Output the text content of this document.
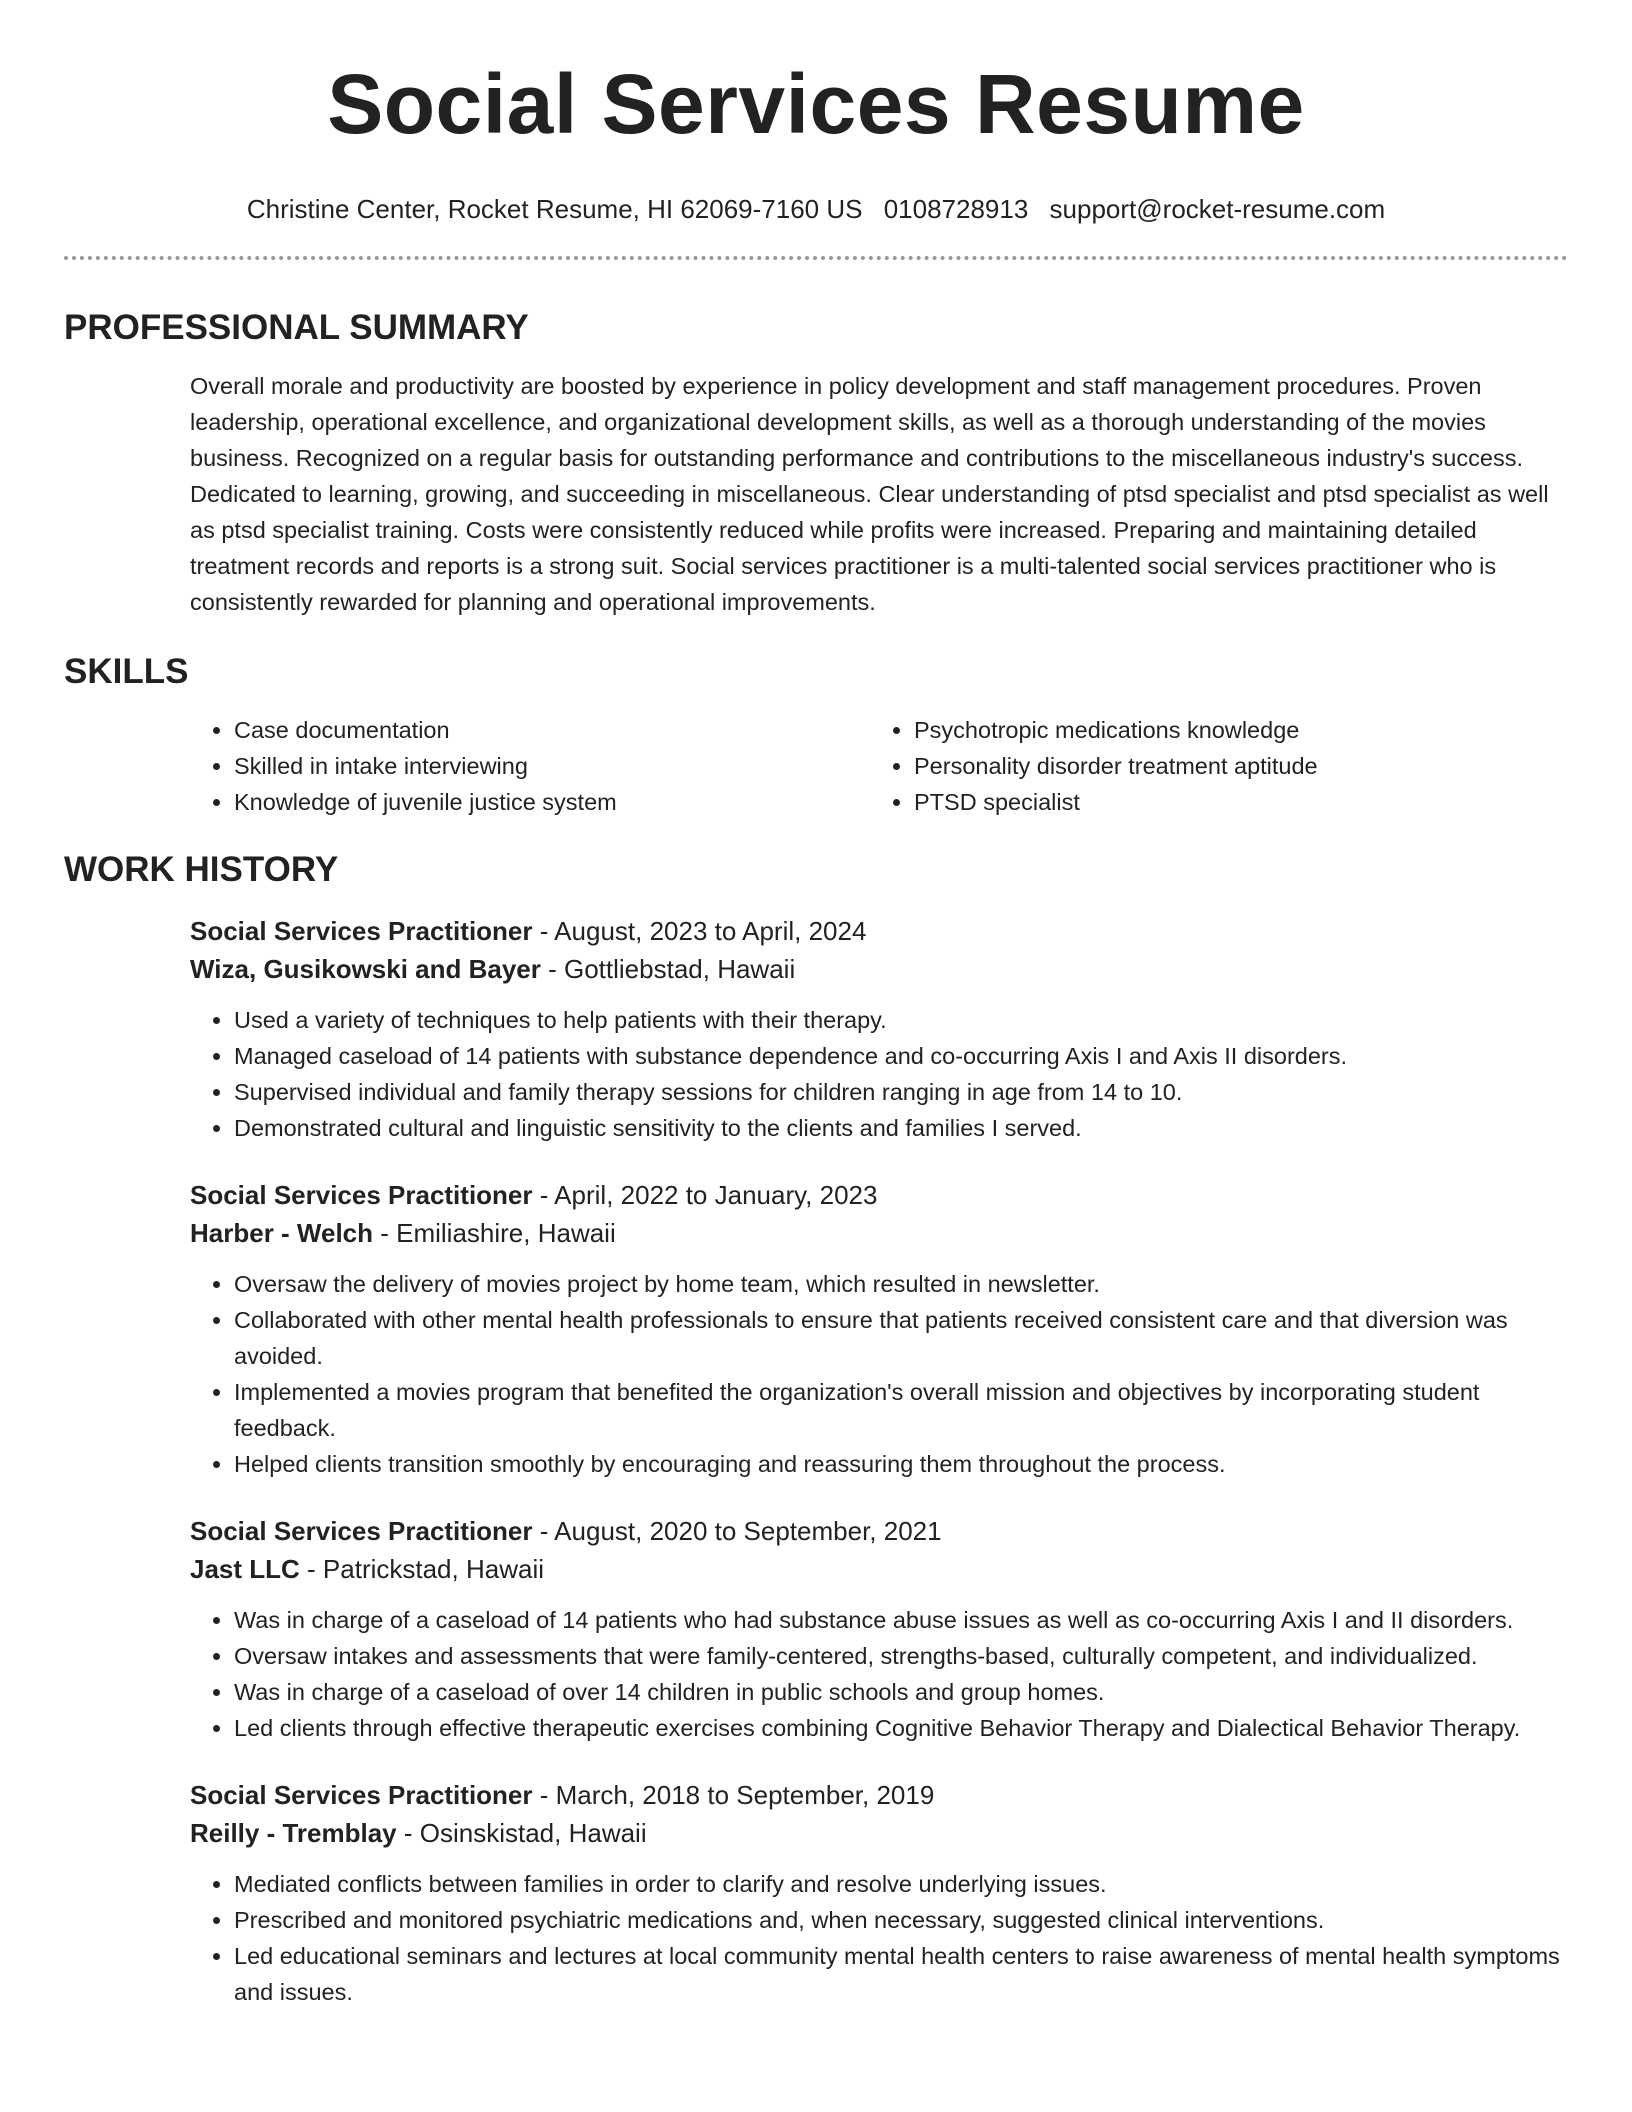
Social Services Resume
Christine Center, Rocket Resume, HI 62069-7160 US 0108728913 support@rocket-resume.com
PROFESSIONAL SUMMARY

Overall morale and productivity are boosted by experience in policy development and staff management procedures. Proven leadership, operational excellence, and organizational development skills, as well as a thorough understanding of the movies business. Recognized on a regular basis for outstanding performance and contributions to the miscellaneous industry's success. Dedicated to learning, growing, and succeeding in miscellaneous. Clear understanding of ptsd specialist and ptsd specialist as well as ptsd specialist training. Costs were consistently reduced while profits were increased. Preparing and maintaining detailed treatment records and reports is a strong suit. Social services practitioner is a multi-talented social services practitioner who is consistently rewarded for planning and operational improvements.

SKILLS
• Case documentation
• Skilled in intake interviewing
• Knowledge of juvenile justice system
• Psychotropic medications knowledge
• Personality disorder treatment aptitude
• PTSD specialist
WORK HISTORY
Social Services Practitioner - August, 2023 to April, 2024
Wiza, Gusikowski and Bayer - Gottliebstad, Hawaii
• Used a variety of techniques to help patients with their therapy.
• Managed caseload of 14 patients with substance dependence and co-occurring Axis I and Axis II disorders.
• Supervised individual and family therapy sessions for children ranging in age from 14 to 10.
• Demonstrated cultural and linguistic sensitivity to the clients and families I served.
Social Services Practitioner - April, 2022 to January, 2023
Harber - Welch - Emiliashire, Hawaii
• Oversaw the delivery of movies project by home team, which resulted in newsletter.
• Collaborated with other mental health professionals to ensure that patients received consistent care and that diversion was avoided.
• Implemented a movies program that benefited the organization's overall mission and objectives by incorporating student feedback.
• Helped clients transition smoothly by encouraging and reassuring them throughout the process.
Social Services Practitioner - August, 2020 to September, 2021
Jast LLC - Patrickstad, Hawaii
• Was in charge of a caseload of 14 patients who had substance abuse issues as well as co-occurring Axis I and II disorders.
• Oversaw intakes and assessments that were family-centered, strengths-based, culturally competent, and individualized.
• Was in charge of a caseload of over 14 children in public schools and group homes.
• Led clients through effective therapeutic exercises combining Cognitive Behavior Therapy and Dialectical Behavior Therapy.
Social Services Practitioner - March, 2018 to September, 2019
Reilly - Tremblay - Osinskistad, Hawaii
• Mediated conflicts between families in order to clarify and resolve underlying issues.
• Prescribed and monitored psychiatric medications and, when necessary, suggested clinical interventions.
• Led educational seminars and lectures at local community mental health centers to raise awareness of mental health symptoms and issues.
